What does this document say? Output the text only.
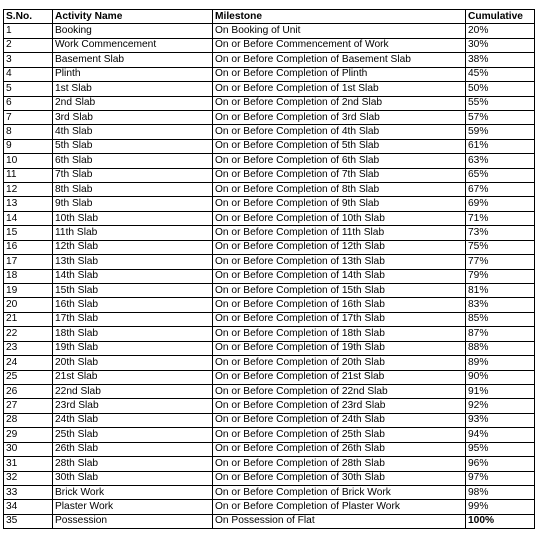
S.No.	Activity Name	Milestone	Cumulative
1	Booking	On Booking of Unit	20%
2	Work Commencement	On or Before Commencement of Work	30%
3	Basement Slab	On or Before Completion of Basement Slab	38%
4	Plinth	On or Before Completion of Plinth	45%
5	1st Slab	On or Before Completion of 1st Slab	50%
6	2nd Slab	On or Before Completion of 2nd Slab	55%
7	3rd Slab	On or Before Completion of 3rd Slab	57%
8	4th Slab	On or Before Completion of 4th Slab	59%
9	5th Slab	On or Before Completion of 5th Slab	61%
10	6th Slab	On or Before Completion of 6th Slab	63%
11	7th Slab	On or Before Completion of 7th Slab	65%
12	8th Slab	On or Before Completion of 8th Slab	67%
13	9th Slab	On or Before Completion of 9th Slab	69%
14	10th Slab	On or Before Completion of 10th Slab	71%
15	11th Slab	On or Before Completion of 11th Slab	73%
16	12th Slab	On or Before Completion of 12th Slab	75%
17	13th Slab	On or Before Completion of 13th Slab	77%
18	14th Slab	On or Before Completion of 14th Slab	79%
19	15th Slab	On or Before Completion of 15th Slab	81%
20	16th Slab	On or Before Completion of 16th Slab	83%
21	17th Slab	On or Before Completion of 17th Slab	85%
22	18th Slab	On or Before Completion of 18th Slab	87%
23	19th Slab	On or Before Completion of 19th Slab	88%
24	20th Slab	On or Before Completion of 20th Slab	89%
25	21st Slab	On or Before Completion of 21st Slab	90%
26	22nd Slab	On or Before Completion of 22nd Slab	91%
27	23rd Slab	On or Before Completion of 23rd Slab	92%
28	24th Slab	On or Before Completion of 24th Slab	93%
29	25th Slab	On or Before Completion of 25th Slab	94%
30	26th Slab	On or Before Completion of 26th Slab	95%
31	28th Slab	On or Before Completion of 28th Slab	96%
32	30th Slab	On or Before Completion of 30th Slab	97%
33	Brick Work	On or Before Completion of Brick Work	98%
34	Plaster Work	On or Before Completion of Plaster Work	99%
35	Possession	On Possession of Flat	100%
